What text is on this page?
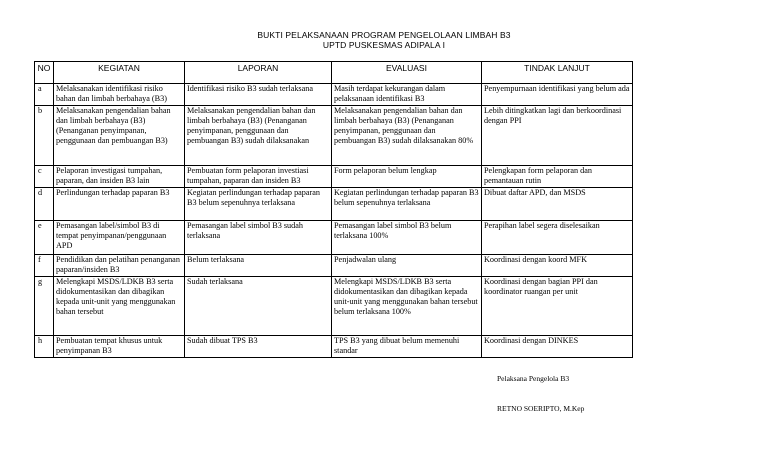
BUKTI PELAKSANAAN PROGRAM PENGELOLAAN LIMBAH B3
UPTD PUSKESMAS ADIPALA I
NO	KEGIATAN	LAPORAN	EVALUASI	TINDAK LANJUT
a	Melaksanakan identifikasi risiko bahan dan limbah berbahaya (B3)	Identifikasi risiko B3 sudah terlaksana	Masih terdapat kekurangan dalam pelaksanaan identifikasi B3	Penyempurnaan identifikasi yang belum ada
b	Melaksanakan pengendalian bahan dan limbah berbahaya (B3) (Penanganan penyimpanan, penggunaan dan pembuangan B3)	Melaksanakan pengendalian bahan dan limbah berbahaya (B3) (Penanganan penyimpanan, penggunaan dan pembuangan B3) sudah dilaksanakan	Melaksanakan pengendalian bahan dan limbah berbahaya (B3) (Penanganan penyimpanan, penggunaan dan pembuangan B3) sudah dilaksanakan 80%	Lebih ditingkatkan lagi dan berkoordinasi dengan PPI
c	Pelaporan investigasi tumpahan, paparan, dan insiden B3 lain	Pembuatan form pelaporan investiasi tumpahan, paparan dan insiden B3	Form pelaporan belum lengkap	Pelengkapan form pelaporan dan pemantauan rutin
d	Perlindungan terhadap paparan B3	Kegiatan perlindungan terhadap paparan B3 belum sepenuhnya terlaksana	Kegiatan perlindungan terhadap paparan B3 belum sepenuhnya terlaksana	Dibuat daftar APD, dan MSDS
e	Pemasangan label/simbol B3 di tempat penyimpanan/penggunaan APD	Pemasangan label simbol B3 sudah terlaksana	Pemasangan label simbol B3 belum terlaksana 100%	Perapihan label segera diselesaikan
f	Pendidikan dan pelatihan penanganan paparan/insiden B3	Belum terlaksana	Penjadwalan ulang	Koordinasi dengan koord MFK
g	Melengkapi MSDS/LDKB B3 serta didokumentasikan dan dibagikan kepada unit-unit yang menggunakan bahan tersebut	Sudah terlaksana	Melengkapi MSDS/LDKB B3 serta didokumentasikan dan dibagikan kepada unit-unit yang menggunakan bahan tersebut belum terlaksana 100%	Koordinasi dengan bagian PPI dan koordinator ruangan per unit
h	Pembuatan tempat khusus untuk penyimpanan B3	Sudah dibuat TPS B3	TPS B3 yang dibuat belum memenuhi standar	Koordinasi dengan DINKES
Pelaksana Pengelola B3
RETNO SOERIPTO, M.Kep
